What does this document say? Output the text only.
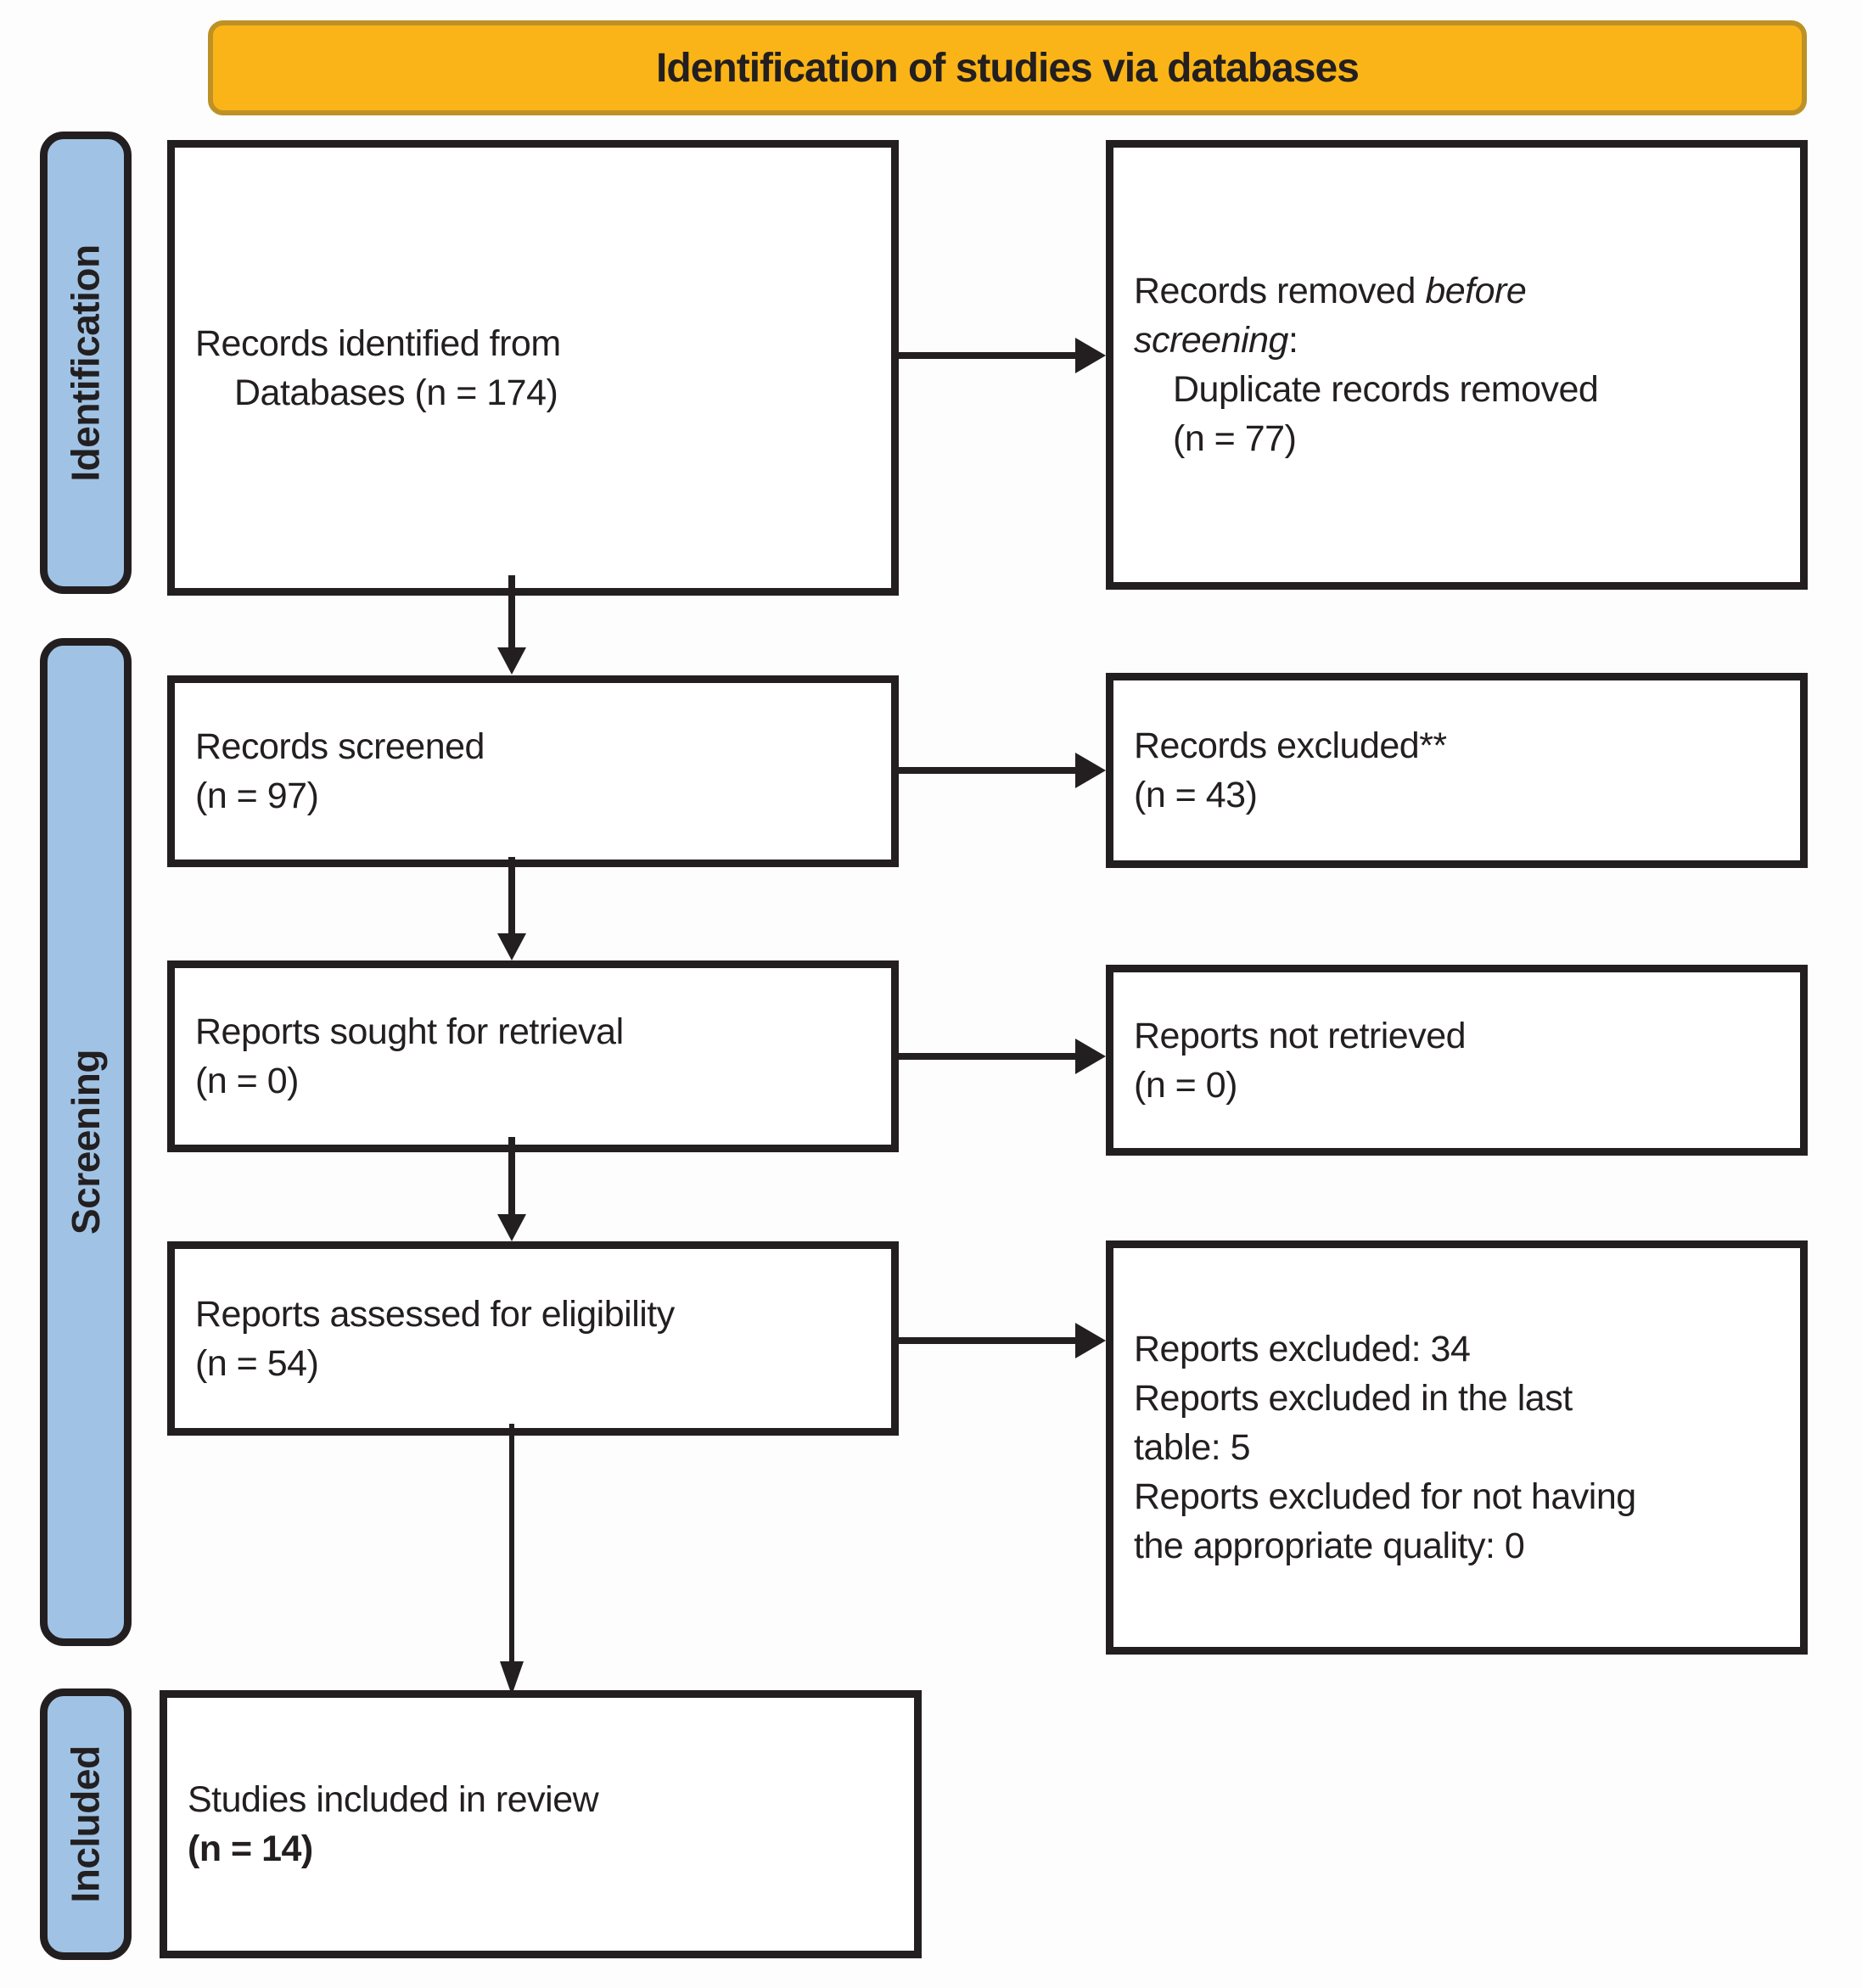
Identification of studies via databases
Identification
Screening
Included
Records identified from
Databases (n = 174)
Records removed before
screening:
Duplicate records removed
(n = 77)
Records screened
(n = 97)
Records excluded**
(n = 43)
Reports sought for retrieval
(n = 0)
Reports not retrieved
(n = 0)
Reports assessed for eligibility
(n = 54)	Reports excluded: 34
Reports excluded in the last
table: 5
Reports excluded for not having
the appropriate quality: 0
Studies included in review
(n = 14)
